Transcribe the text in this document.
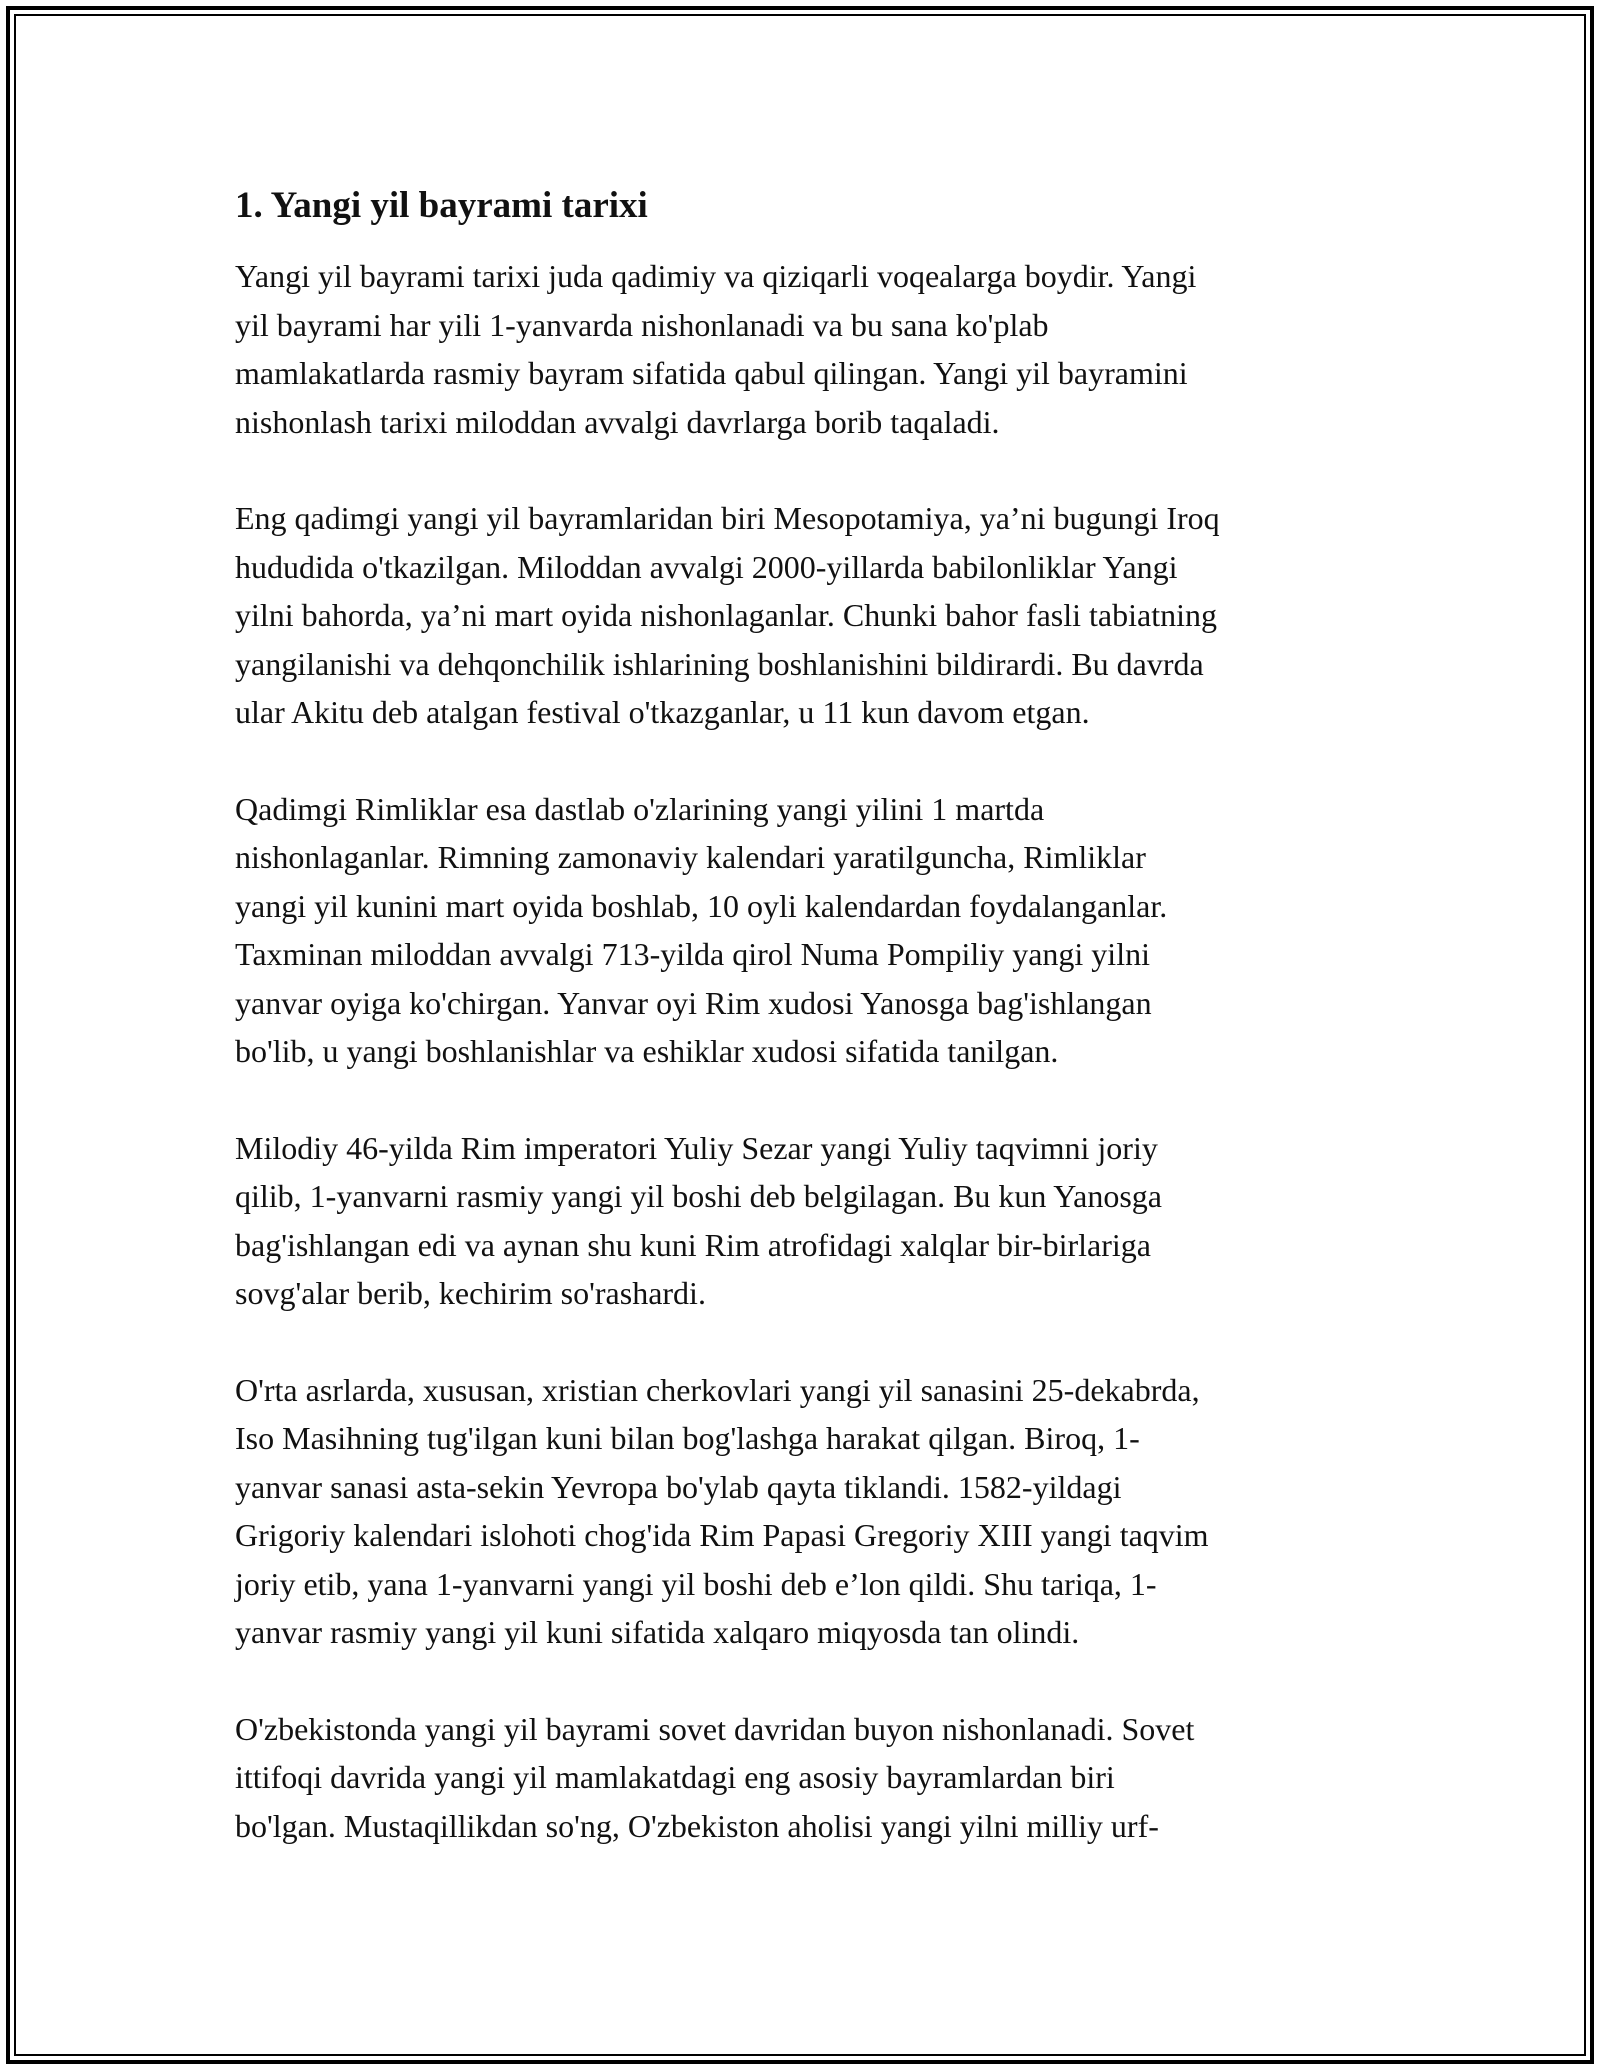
1. Yangi yil bayrami tarixi

Yangi yil bayrami tarixi juda qadimiy va qiziqarli voqealarga boydir. Yangi
yil bayrami har yili 1-yanvarda nishonlanadi va bu sana ko'plab
mamlakatlarda rasmiy bayram sifatida qabul qilingan. Yangi yil bayramini
nishonlash tarixi miloddan avvalgi davrlarga borib taqaladi.

Eng qadimgi yangi yil bayramlaridan biri Mesopotamiya, ya’ni bugungi Iroq
hududida o'tkazilgan. Miloddan avvalgi 2000-yillarda babilonliklar Yangi
yilni bahorda, ya’ni mart oyida nishonlaganlar. Chunki bahor fasli tabiatning
yangilanishi va dehqonchilik ishlarining boshlanishini bildirardi. Bu davrda
ular Akitu deb atalgan festival o'tkazganlar, u 11 kun davom etgan.

Qadimgi Rimliklar esa dastlab o'zlarining yangi yilini 1 martda
nishonlaganlar. Rimning zamonaviy kalendari yaratilguncha, Rimliklar
yangi yil kunini mart oyida boshlab, 10 oyli kalendardan foydalanganlar.
Taxminan miloddan avvalgi 713-yilda qirol Numa Pompiliy yangi yilni
yanvar oyiga ko'chirgan. Yanvar oyi Rim xudosi Yanosga bag'ishlangan
bo'lib, u yangi boshlanishlar va eshiklar xudosi sifatida tanilgan.

Milodiy 46-yilda Rim imperatori Yuliy Sezar yangi Yuliy taqvimni joriy
qilib, 1-yanvarni rasmiy yangi yil boshi deb belgilagan. Bu kun Yanosga
bag'ishlangan edi va aynan shu kuni Rim atrofidagi xalqlar bir-birlariga
sovg'alar berib, kechirim so'rashardi.

O'rta asrlarda, xususan, xristian cherkovlari yangi yil sanasini 25-dekabrda,
Iso Masihning tug'ilgan kuni bilan bog'lashga harakat qilgan. Biroq, 1-
yanvar sanasi asta-sekin Yevropa bo'ylab qayta tiklandi. 1582-yildagi
Grigoriy kalendari islohoti chog'ida Rim Papasi Gregoriy XIII yangi taqvim
joriy etib, yana 1-yanvarni yangi yil boshi deb e’lon qildi. Shu tariqa, 1-
yanvar rasmiy yangi yil kuni sifatida xalqaro miqyosda tan olindi.

O'zbekistonda yangi yil bayrami sovet davridan buyon nishonlanadi. Sovet
ittifoqi davrida yangi yil mamlakatdagi eng asosiy bayramlardan biri
bo'lgan. Mustaqillikdan so'ng, O'zbekiston aholisi yangi yilni milliy urf-
